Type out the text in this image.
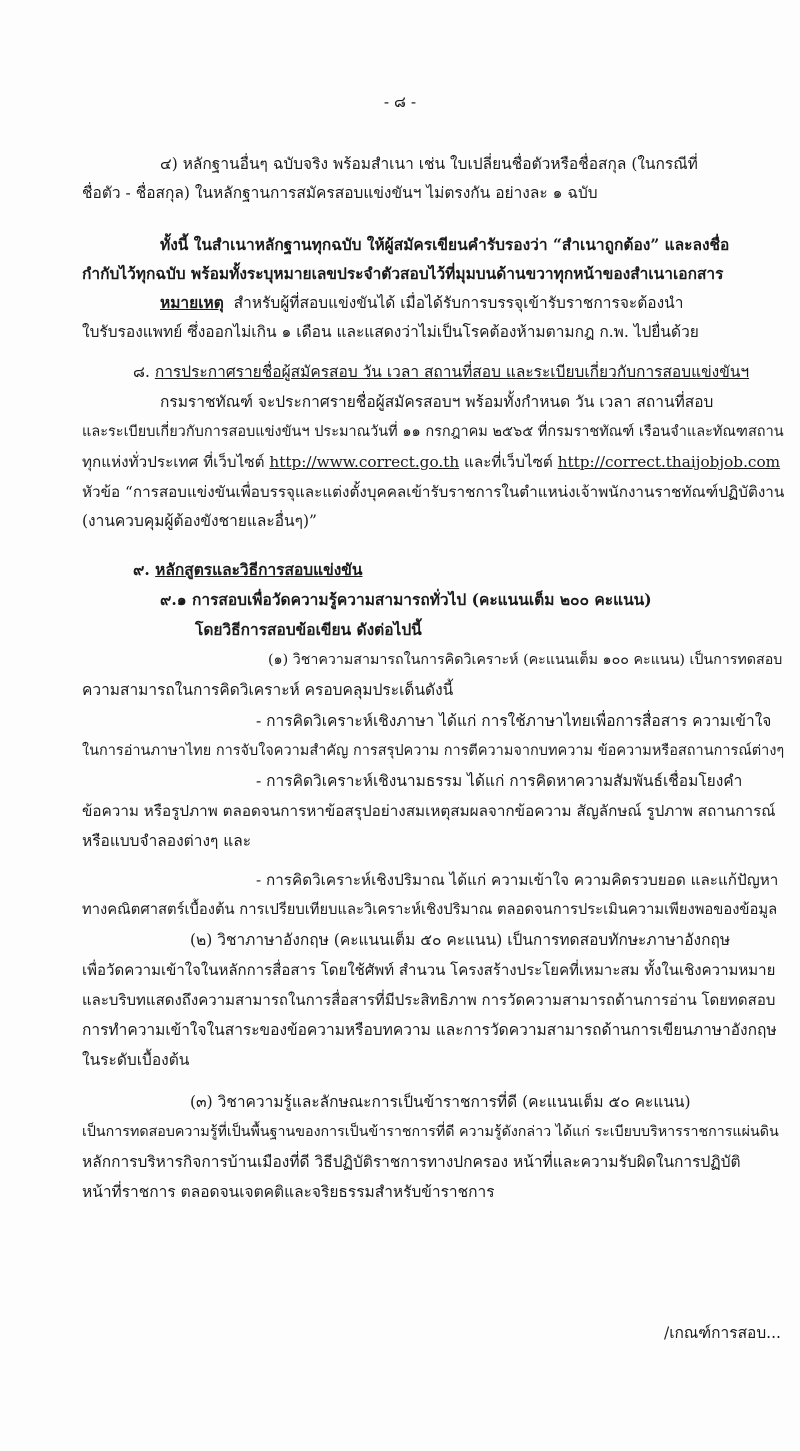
- ๘ -
๔) หลักฐานอื่นๆ ฉบับจริง พร้อมสำเนา เช่น ใบเปลี่ยนชื่อตัวหรือชื่อสกุล (ในกรณีที่
ชื่อตัว - ชื่อสกุล) ในหลักฐานการสมัครสอบแข่งขันฯ ไม่ตรงกัน อย่างละ ๑ ฉบับ
ทั้งนี้ ในสำเนาหลักฐานทุกฉบับ ให้ผู้สมัครเขียนคำรับรองว่า “สำเนาถูกต้อง” และลงชื่อ
กำกับไว้ทุกฉบับ พร้อมทั้งระบุหมายเลขประจำตัวสอบไว้ที่มุมบนด้านขวาทุกหน้าของสำเนาเอกสาร
หมายเหตุ สำหรับผู้ที่สอบแข่งขันได้ เมื่อได้รับการบรรจุเข้ารับราชการจะต้องนำ
ใบรับรองแพทย์ ซึ่งออกไม่เกิน ๑ เดือน และแสดงว่าไม่เป็นโรคต้องห้ามตามกฎ ก.พ. ไปยื่นด้วย
๘. การประกาศรายชื่อผู้สมัครสอบ วัน เวลา สถานที่สอบ และระเบียบเกี่ยวกับการสอบแข่งขันฯ
กรมราชทัณฑ์ จะประกาศรายชื่อผู้สมัครสอบฯ พร้อมทั้งกำหนด วัน เวลา สถานที่สอบ
และระเบียบเกี่ยวกับการสอบแข่งขันฯ ประมาณวันที่ ๑๑ กรกฎาคม ๒๕๖๕ ที่กรมราชทัณฑ์ เรือนจำและทัณฑสถาน
ทุกแห่งทั่วประเทศ ที่เว็บไซต์ http://www.correct.go.th และที่เว็บไซต์ http://correct.thaijobjob.com
หัวข้อ “การสอบแข่งขันเพื่อบรรจุและแต่งตั้งบุคคลเข้ารับราชการในตำแหน่งเจ้าพนักงานราชทัณฑ์ปฏิบัติงาน
(งานควบคุมผู้ต้องขังชายและอื่นๆ)”
๙. หลักสูตรและวิธีการสอบแข่งขัน
๙.๑ การสอบเพื่อวัดความรู้ความสามารถทั่วไป (คะแนนเต็ม ๒๐๐ คะแนน)
โดยวิธีการสอบข้อเขียน ดังต่อไปนี้
(๑) วิชาความสามารถในการคิดวิเคราะห์ (คะแนนเต็ม ๑๐๐ คะแนน) เป็นการทดสอบ
ความสามารถในการคิดวิเคราะห์ ครอบคลุมประเด็นดังนี้
- การคิดวิเคราะห์เชิงภาษา ได้แก่ การใช้ภาษาไทยเพื่อการสื่อสาร ความเข้าใจ
ในการอ่านภาษาไทย การจับใจความสำคัญ การสรุปความ การตีความจากบทความ ข้อความหรือสถานการณ์ต่างๆ
- การคิดวิเคราะห์เชิงนามธรรม ได้แก่ การคิดหาความสัมพันธ์เชื่อมโยงคำ
ข้อความ หรือรูปภาพ ตลอดจนการหาข้อสรุปอย่างสมเหตุสมผลจากข้อความ สัญลักษณ์ รูปภาพ สถานการณ์
หรือแบบจำลองต่างๆ และ
- การคิดวิเคราะห์เชิงปริมาณ ได้แก่ ความเข้าใจ ความคิดรวบยอด และแก้ปัญหา
ทางคณิตศาสตร์เบื้องต้น การเปรียบเทียบและวิเคราะห์เชิงปริมาณ ตลอดจนการประเมินความเพียงพอของข้อมูล
(๒) วิชาภาษาอังกฤษ (คะแนนเต็ม ๕๐ คะแนน) เป็นการทดสอบทักษะภาษาอังกฤษ
เพื่อวัดความเข้าใจในหลักการสื่อสาร โดยใช้ศัพท์ สำนวน โครงสร้างประโยคที่เหมาะสม ทั้งในเชิงความหมาย
และบริบทแสดงถึงความสามารถในการสื่อสารที่มีประสิทธิภาพ การวัดความสามารถด้านการอ่าน โดยทดสอบ
การทำความเข้าใจในสาระของข้อความหรือบทความ และการวัดความสามารถด้านการเขียนภาษาอังกฤษ
ในระดับเบื้องต้น
(๓) วิชาความรู้และลักษณะการเป็นข้าราชการที่ดี (คะแนนเต็ม ๕๐ คะแนน)
เป็นการทดสอบความรู้ที่เป็นพื้นฐานของการเป็นข้าราชการที่ดี ความรู้ดังกล่าว ได้แก่ ระเบียบบริหารราชการแผ่นดิน
หลักการบริหารกิจการบ้านเมืองที่ดี วิธีปฏิบัติราชการทางปกครอง หน้าที่และความรับผิดในการปฏิบัติ
หน้าที่ราชการ ตลอดจนเจตคติและจริยธรรมสำหรับข้าราชการ
/เกณฑ์การสอบ...
